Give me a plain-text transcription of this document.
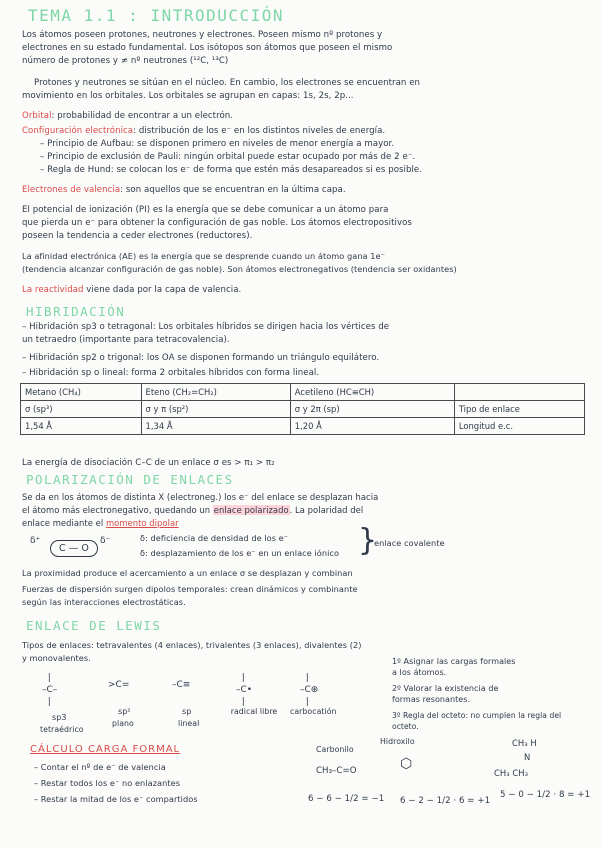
TEMA 1.1 : INTRODUCCIÓN
Los átomos poseen protones, neutrones y electrones. Poseen mismo nº protones y
electrones en su estado fundamental. Los isótopos son átomos que poseen el mismo
número de protones y ≠ nº neutrones (¹²C, ¹³C)
Protones y neutrones se sitúan en el núcleo. En cambio, los electrones se encuentran en
movimiento en los orbitales. Los orbitales se agrupan en capas: 1s, 2s, 2p...
Orbital: probabilidad de encontrar a un electrón.
Configuración electrónica: distribución de los e⁻ en los distintos niveles de energía.
– Principio de Aufbau: se disponen primero en niveles de menor energía a mayor.
– Principio de exclusión de Pauli: ningún orbital puede estar ocupado por más de 2 e⁻.
– Regla de Hund: se colocan los e⁻ de forma que estén más desapareados si es posible.
Electrones de valencia: son aquellos que se encuentran en la última capa.
El potencial de ionización (PI) es la energía que se debe comunicar a un átomo para
que pierda un e⁻ para obtener la configuración de gas noble. Los átomos electropositivos
poseen la tendencia a ceder electrones (reductores).
La afinidad electrónica (AE) es la energía que se desprende cuando un átomo gana 1e⁻
(tendencia alcanzar configuración de gas noble). Son átomos electronegativos (tendencia ser oxidantes)
La reactividad viene dada por la capa de valencia.
HIBRIDACIÓN
– Hibridación sp3 o tetragonal: Los orbitales híbridos se dirigen hacia los vértices de
un tetraedro (importante para tetracovalencia).
– Hibridación sp2 o trigonal: los OA se disponen formando un triángulo equilátero.
– Hibridación sp o lineal: forma 2 orbitales híbridos con forma lineal.
Metano (CH₄)	Eteno (CH₂=CH₂)	Acetileno (HC≡CH)	
σ (sp³)	σ y π (sp²)	σ y 2π (sp)	Tipo de enlace
1,54 Å	1,34 Å	1,20 Å	Longitud e.c.
La energía de disociación C–C de un enlace σ es > π₁ > π₂
POLARIZACIÓN DE ENLACES
Se da en los átomos de distinta X (electroneg.) los e⁻ del enlace se desplazan hacia
el átomo más electronegativo, quedando un enlace polarizado. La polaridad del
enlace mediante el momento dipolar
δ⁺
C — O
δ⁻	δ: deficiencia de densidad de los e⁻
δ: desplazamiento de los e⁻ en un enlace iónico }
enlace covalente
La proximidad produce el acercamiento a un enlace σ se desplazan y combinan
Fuerzas de dispersión surgen dipolos temporales: crean dinámicos y combinante
según las interacciones electrostáticas.
ENLACE DE LEWIS
Tipos de enlaces: tetravalentes (4 enlaces), trivalentes (3 enlaces), divalentes (2)
y monovalentes.	1º Asignar las cargas formales
a los átomos.
2º Valorar la existencia de
formas resonantes.
3º Regla del octeto: no cumplen la regla del
octeto.
|
–C–
|
>C=	–C≡
|
–C•
|
|
–C⊕
|
sp3
sp²	sp
tetraédrico
plano	lineal
radical libre carbocatión
CÁLCULO CARGA FORMAL
– Contar el nº de e⁻ de valencia
– Restar todos los e⁻ no enlazantes
– Restar la mitad de los e⁻ compartidos
Carbonilo
CH₃–C=O
6 − 6 − 1/2 = −1
Hidroxilo
⬡
6 − 2 − 1/2 · 6 = +1
CH₃ H
N
CH₃ CH₃
5 − 0 − 1/2 · 8 = +1
